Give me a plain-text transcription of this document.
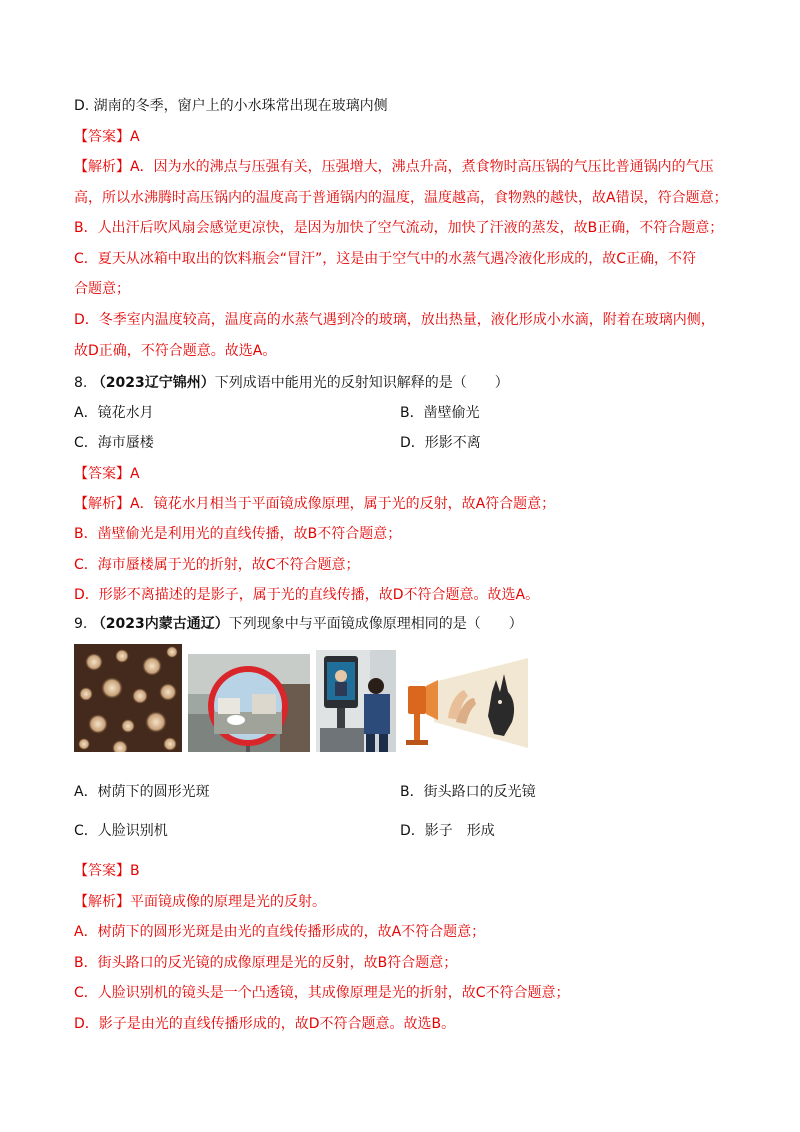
D. 湖南的冬季，窗户上的小水珠常出现在玻璃内侧
【答案】A
【解析】A．因为水的沸点与压强有关，压强增大，沸点升高，煮食物时高压锅的气压比普通锅内的气压
高，所以水沸腾时高压锅内的温度高于普通锅内的温度，温度越高，食物熟的越快，故A错误，符合题意；
B．人出汗后吹风扇会感觉更凉快，是因为加快了空气流动，加快了汗液的蒸发，故B正确，不符合题意；
C．夏天从冰箱中取出的饮料瓶会“冒汗”，这是由于空气中的水蒸气遇冷液化形成的，故C正确，不符
合题意；
D．冬季室内温度较高，温度高的水蒸气遇到冷的玻璃，放出热量，液化形成小水滴，附着在玻璃内侧，
故D正确，不符合题意。故选A。
8. （2023辽宁锦州）下列成语中能用光的反射知识解释的是（　　）
A．镜花水月	B．凿壁偷光
C．海市蜃楼	D．形影不离
【答案】A
【解析】A．镜花水月相当于平面镜成像原理，属于光的反射，故A符合题意；
B．凿壁偷光是利用光的直线传播，故B不符合题意；
C．海市蜃楼属于光的折射，故C不符合题意；
D．形影不离描述的是影子，属于光的直线传播，故D不符合题意。故选A。
9. （2023内蒙古通辽）下列现象中与平面镜成像原理相同的是（　　）
A．树荫下的圆形光斑	B．街头路口的反光镜
C．人脸识别机	D．影子　形成
【答案】B
【解析】平面镜成像的原理是光的反射。
A．树荫下的圆形光斑是由光的直线传播形成的，故A不符合题意；
B．街头路口的反光镜的成像原理是光的反射，故B符合题意；
C．人脸识别机的镜头是一个凸透镜，其成像原理是光的折射，故C不符合题意；
D．影子是由光的直线传播形成的，故D不符合题意。故选B。
